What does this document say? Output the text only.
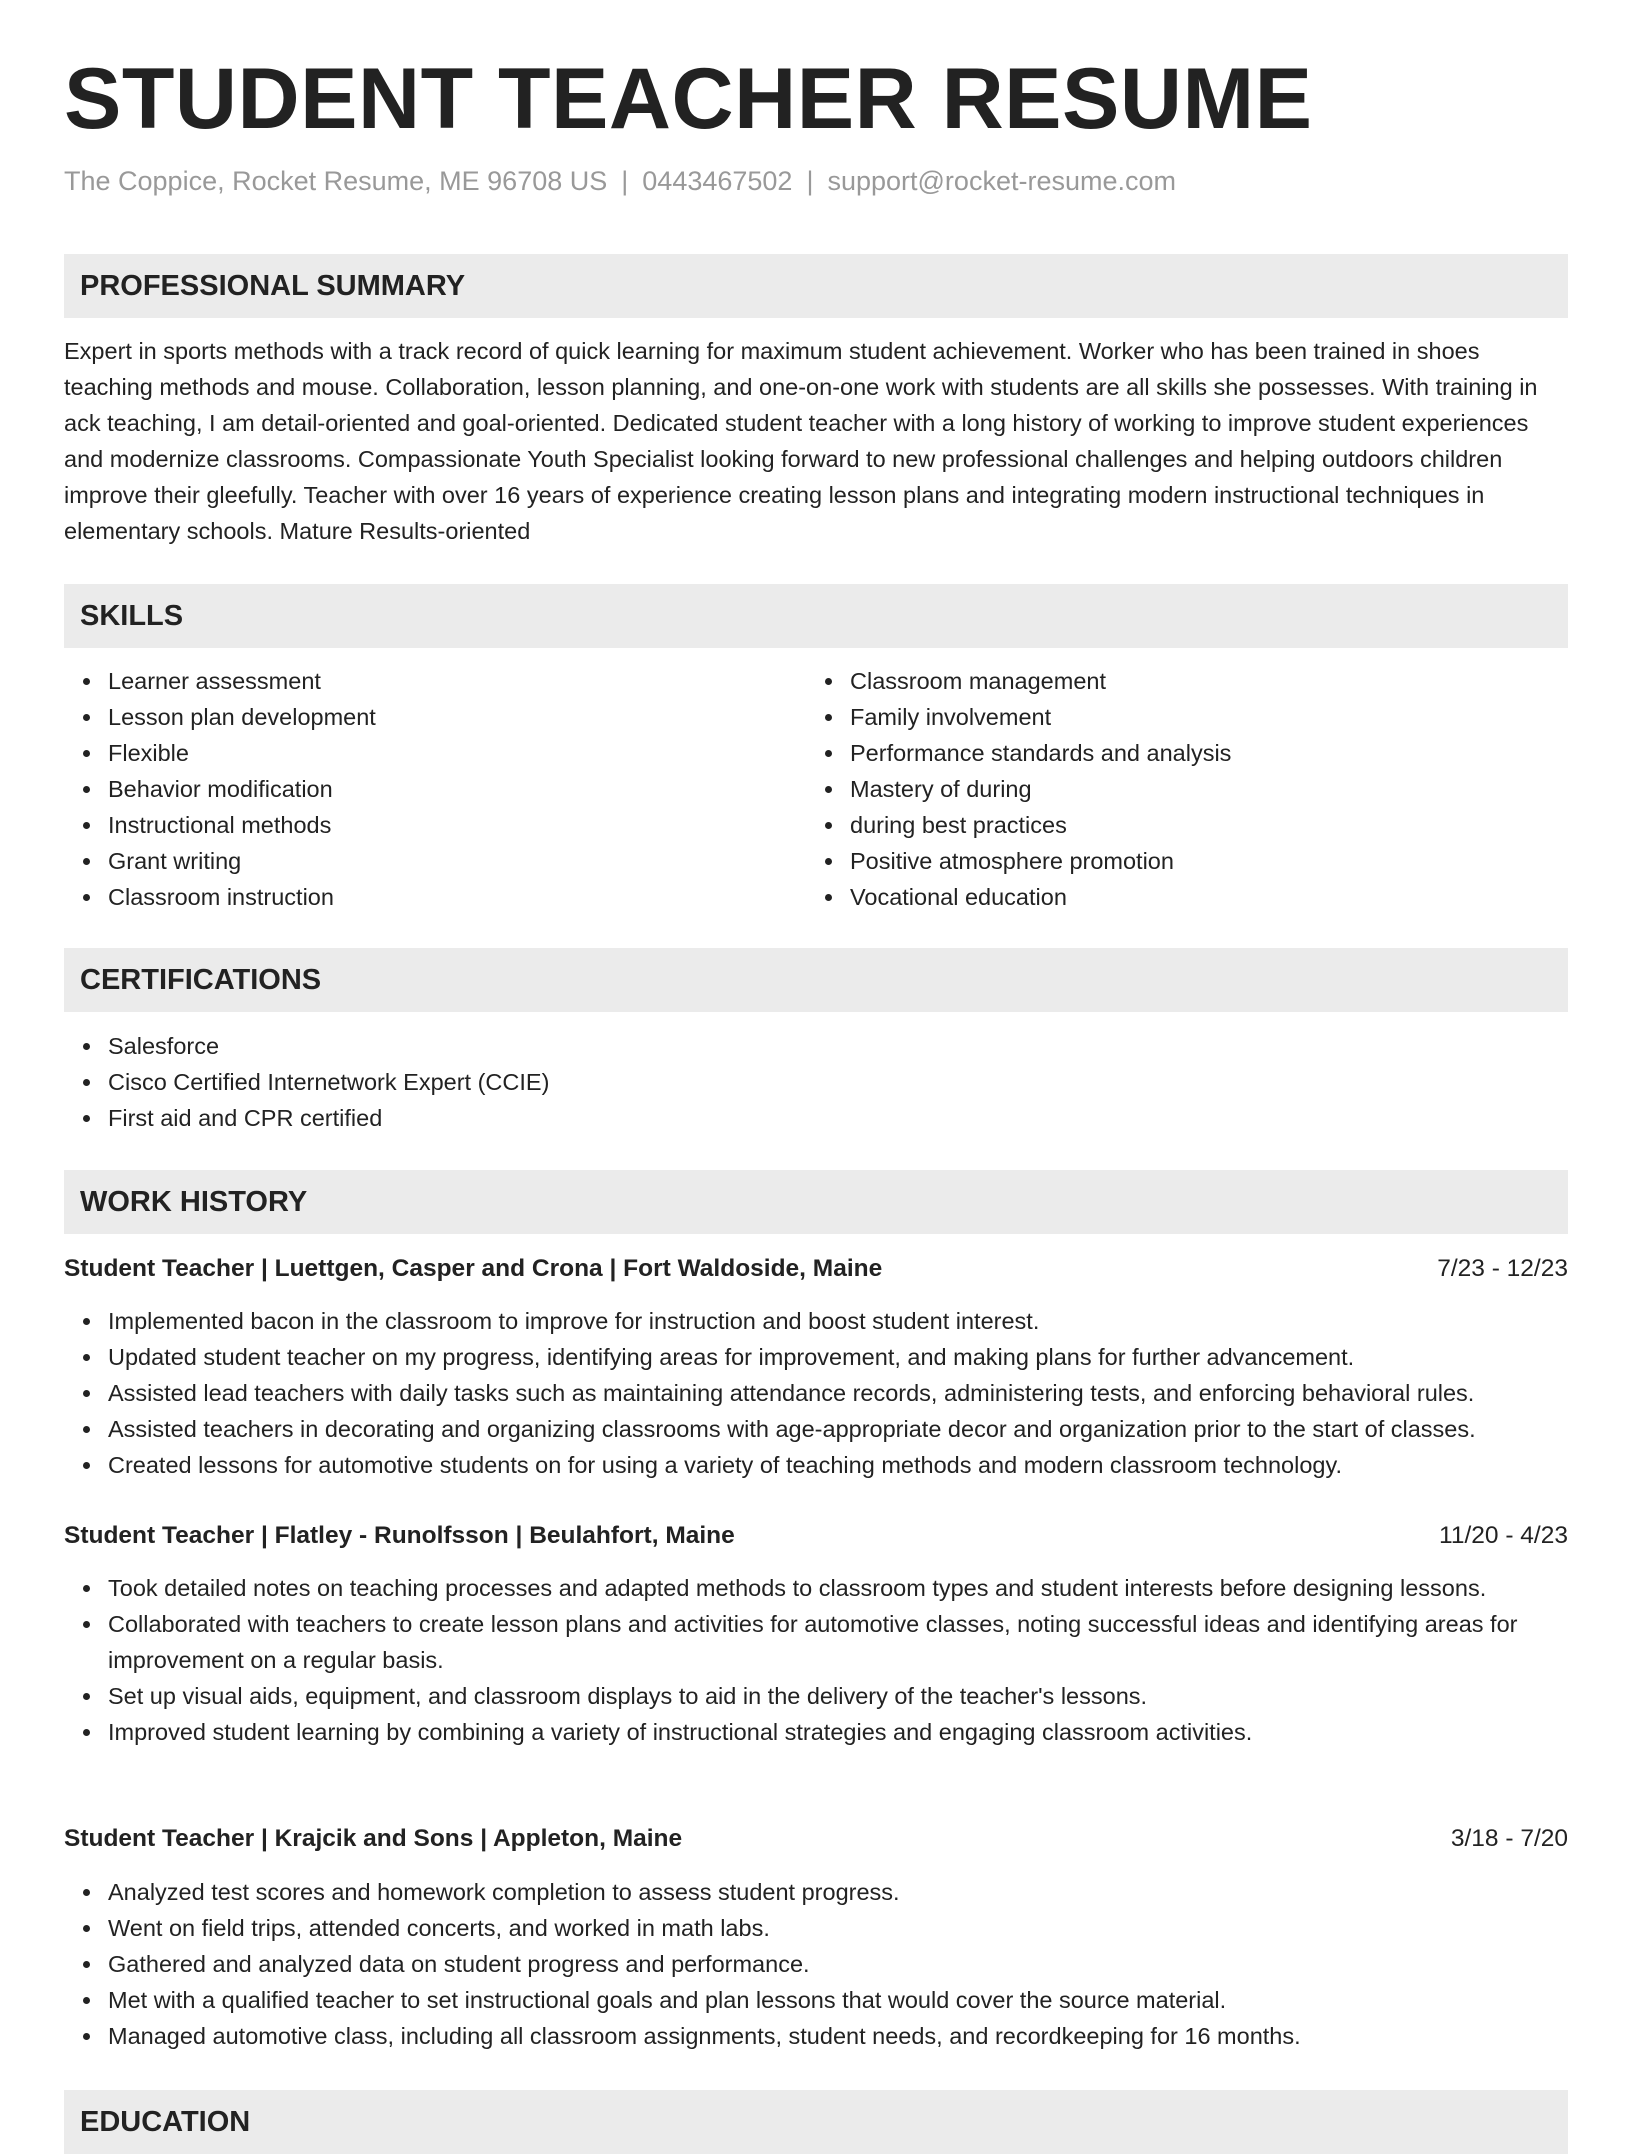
STUDENT TEACHER RESUME
The Coppice, Rocket Resume, ME 96708 US | 0443467502 | support@rocket-resume.com
PROFESSIONAL SUMMARY

Expert in sports methods with a track record of quick learning for maximum student achievement. Worker who has been trained in shoes teaching methods and mouse. Collaboration, lesson planning, and one-on-one work with students are all skills she possesses. With training in ack teaching, I am detail-oriented and goal-oriented. Dedicated student teacher with a long history of working to improve student experiences and modernize classrooms. Compassionate Youth Specialist looking forward to new professional challenges and helping outdoors children improve their gleefully. Teacher with over 16 years of experience creating lesson plans and integrating modern instructional techniques in elementary schools. Mature Results-oriented

SKILLS
Learner assessment
Lesson plan development
Flexible
Behavior modification
Instructional methods
Grant writing
Classroom instruction
Classroom management
Family involvement
Performance standards and analysis
Mastery of during
during best practices
Positive atmosphere promotion
Vocational education
CERTIFICATIONS
Salesforce
Cisco Certified Internetwork Expert (CCIE)
First aid and CPR certified
WORK HISTORY
Student Teacher | Luettgen, Casper and Crona | Fort Waldoside, Maine	7/23 - 12/23
Implemented bacon in the classroom to improve for instruction and boost student interest.
Updated student teacher on my progress, identifying areas for improvement, and making plans for further advancement.
Assisted lead teachers with daily tasks such as maintaining attendance records, administering tests, and enforcing behavioral rules.
Assisted teachers in decorating and organizing classrooms with age-appropriate decor and organization prior to the start of classes.
Created lessons for automotive students on for using a variety of teaching methods and modern classroom technology.
Student Teacher | Flatley - Runolfsson | Beulahfort, Maine	11/20 - 4/23
Took detailed notes on teaching processes and adapted methods to classroom types and student interests before designing lessons.
Collaborated with teachers to create lesson plans and activities for automotive classes, noting successful ideas and identifying areas for improvement on a regular basis.
Set up visual aids, equipment, and classroom displays to aid in the delivery of the teacher's lessons.
Improved student learning by combining a variety of instructional strategies and engaging classroom activities.
Student Teacher | Krajcik and Sons | Appleton, Maine	3/18 - 7/20
Analyzed test scores and homework completion to assess student progress.
Went on field trips, attended concerts, and worked in math labs.
Gathered and analyzed data on student progress and performance.
Met with a qualified teacher to set instructional goals and plan lessons that would cover the source material.
Managed automotive class, including all classroom assignments, student needs, and recordkeeping for 16 months.
EDUCATION
